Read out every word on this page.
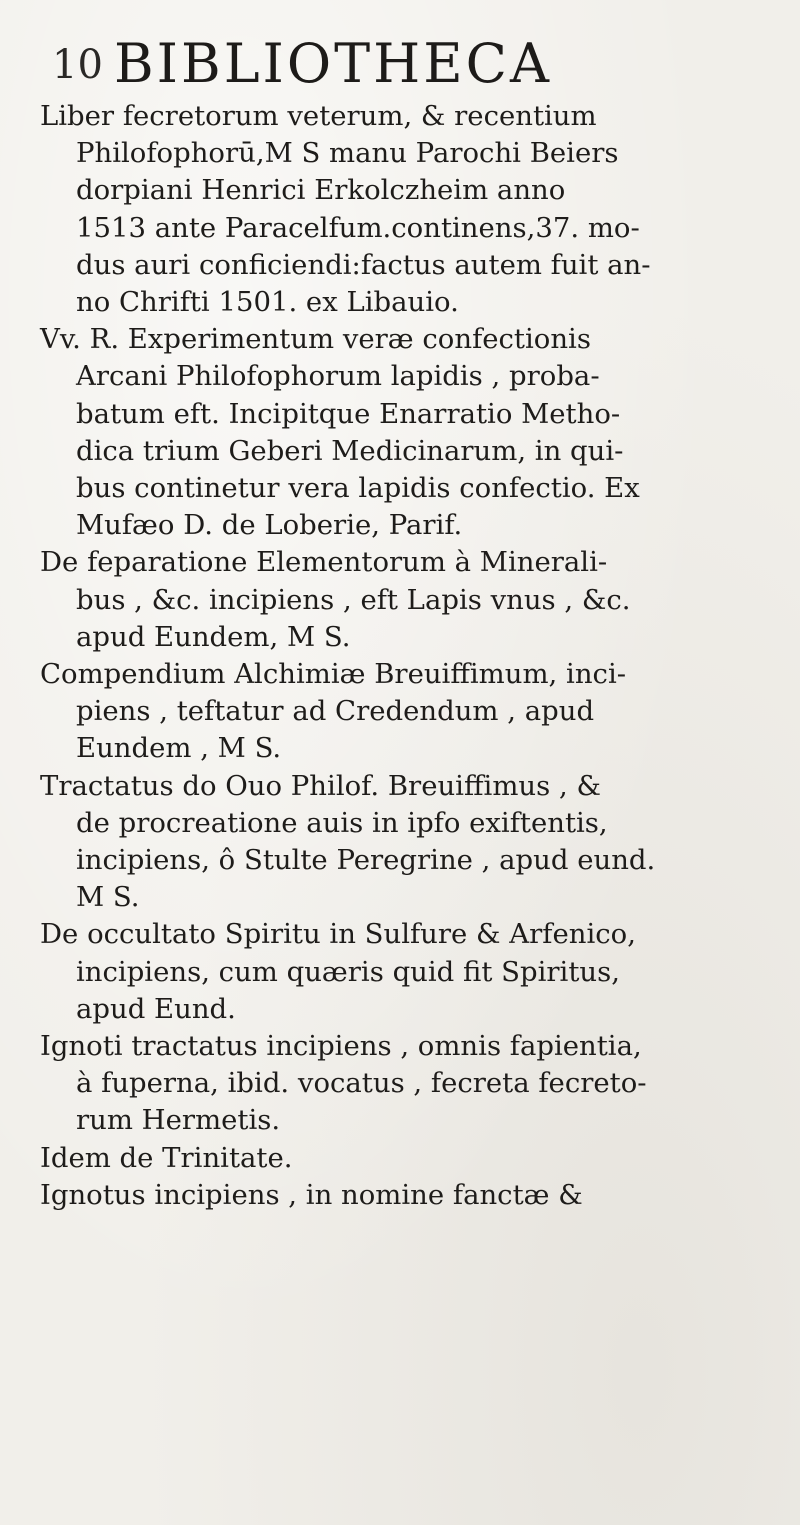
10 BIBLIOTHECA

Liber fecretorum veterum, & recentium
Philofophorū,M S manu Parochi Beiers
dorpiani Henrici Erkolczheim anno
1513 ante Paracelfum.continens,37. mo-
dus auri conficiendi:factus autem fuit an-
no Chrifti 1501. ex Libauio.

Vv. R. Experimentum veræ confectionis
Arcani Philofophorum lapidis , proba-
batum eft. Incipitque Enarratio Metho-
dica trium Geberi Medicinarum, in qui-
bus continetur vera lapidis confectio. Ex
Mufæo D. de Loberie, Parif.

De feparatione Elementorum à Minerali-
bus , &c. incipiens , eft Lapis vnus , &c.
apud Eundem, M S.

Compendium Alchimiæ Breuiffimum, inci-
piens , teftatur ad Credendum , apud
Eundem , M S.

Tractatus do Ouo Philof. Breuiffimus , &
de procreatione auis in ipfo exiftentis,
incipiens, ô Stulte Peregrine , apud eund.
M S.

De occultato Spiritu in Sulfure & Arfenico,
incipiens, cum quæris quid fit Spiritus,
apud Eund.

Ignoti tractatus incipiens , omnis fapientia,
à fuperna, ibid. vocatus , fecreta fecreto-
rum Hermetis.

Idem de Trinitate.

Ignotus incipiens , in nomine fanctæ &
